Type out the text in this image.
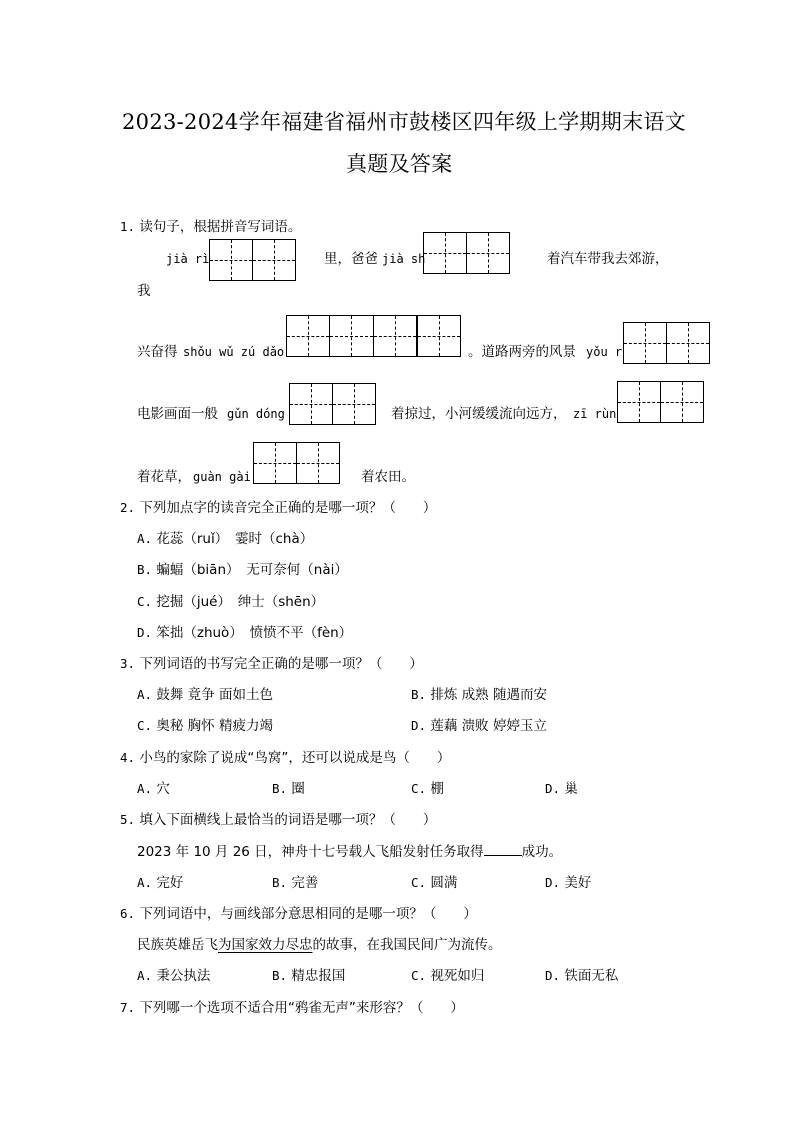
2023-2024学年福建省福州市鼓楼区四年级上学期期末语文
真题及答案
1. 读句子，根据拼音写词语。
jià rì	里，爸爸 jià sh	着汽车带我去郊游，
我
兴奋得 shǒu wǔ zú dǎo	。道路两旁的风景 yǒu r
电影画面一般 gǔn dóng	着掠过，小河缓缓流向远方， zī rùn
着花草， guàn gài	着农田。
2. 下列加点字的读音完全正确的是哪一项？（　　）
A. 花蕊（ruǐ）　霎时（chà）
B. 蝙蝠（biān）　无可奈何（nài）
C. 挖掘（jué）　绅士（shēn）
D. 笨拙（zhuò）　愤愤不平（fèn）
3. 下列词语的书写完全正确的是哪一项？（　　）
A. 鼓舞 竟争 面如土色	B. 排炼 成熟 随遇而安
C. 奥秘 胸怀 精疲力竭	D. 莲藕 溃败 婷婷玉立
4. 小鸟的家除了说成“鸟窝”，还可以说成是鸟（　　）
A. 穴	B. 圈	C. 棚	D. 巢
5. 填入下面横线上最恰当的词语是哪一项？（　　）
2023 年 10 月 26 日，神舟十七号载人飞船发射任务取得	成功。
A. 完好	B. 完善	C. 圆满	D. 美好
6. 下列词语中，与画线部分意思相同的是哪一项？（　　）
民族英雄岳飞为国家效力尽忠的故事，在我国民间广为流传。
A. 秉公执法	B. 精忠报国	C. 视死如归	D. 铁面无私
7. 下列哪一个选项不适合用“鸦雀无声”来形容？（　　）
